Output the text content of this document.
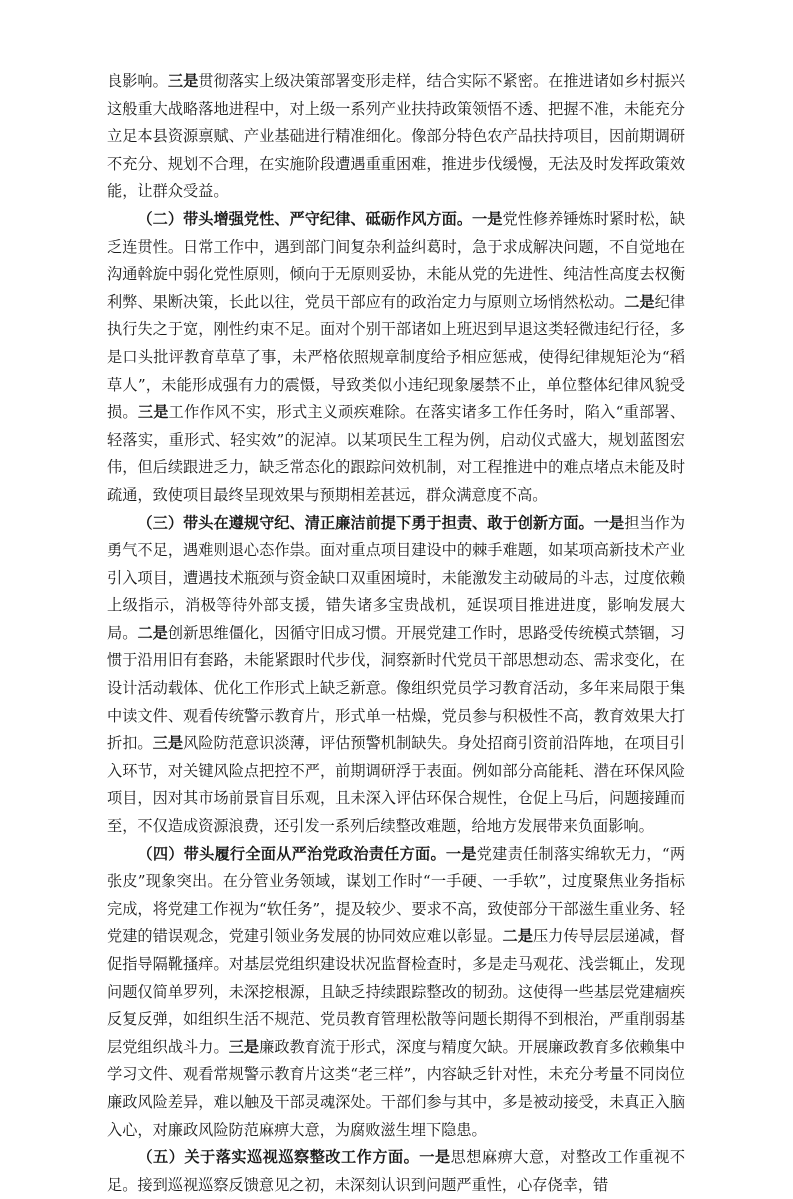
良影响。三是贯彻落实上级决策部署变形走样，结合实际不紧密。在推进诸如乡村振兴这般重大战略落地进程中，对上级一系列产业扶持政策领悟不透、把握不准，未能充分立足本县资源禀赋、产业基础进行精准细化。像部分特色农产品扶持项目，因前期调研不充分、规划不合理，在实施阶段遭遇重重困难，推进步伐缓慢，无法及时发挥政策效能，让群众受益。

（二）带头增强党性、严守纪律、砥砺作风方面。一是党性修养锤炼时紧时松，缺乏连贯性。日常工作中，遇到部门间复杂利益纠葛时，急于求成解决问题，不自觉地在沟通斡旋中弱化党性原则，倾向于无原则妥协，未能从党的先进性、纯洁性高度去权衡利弊、果断决策，长此以往，党员干部应有的政治定力与原则立场悄然松动。二是纪律执行失之于宽，刚性约束不足。面对个别干部诸如上班迟到早退这类轻微违纪行径，多是口头批评教育草草了事，未严格依照规章制度给予相应惩戒，使得纪律规矩沦为“稻草人”，未能形成强有力的震慑，导致类似小违纪现象屡禁不止，单位整体纪律风貌受损。三是工作作风不实，形式主义顽疾难除。在落实诸多工作任务时，陷入“重部署、轻落实，重形式、轻实效”的泥淖。以某项民生工程为例，启动仪式盛大，规划蓝图宏伟，但后续跟进乏力，缺乏常态化的跟踪问效机制，对工程推进中的难点堵点未能及时疏通，致使项目最终呈现效果与预期相差甚远，群众满意度不高。

（三）带头在遵规守纪、清正廉洁前提下勇于担责、敢于创新方面。一是担当作为勇气不足，遇难则退心态作祟。面对重点项目建设中的棘手难题，如某项高新技术产业引入项目，遭遇技术瓶颈与资金缺口双重困境时，未能激发主动破局的斗志，过度依赖上级指示，消极等待外部支援，错失诸多宝贵战机，延误项目推进进度，影响发展大局。二是创新思维僵化，因循守旧成习惯。开展党建工作时，思路受传统模式禁锢，习惯于沿用旧有套路，未能紧跟时代步伐，洞察新时代党员干部思想动态、需求变化，在设计活动载体、优化工作形式上缺乏新意。像组织党员学习教育活动，多年来局限于集中读文件、观看传统警示教育片，形式单一枯燥，党员参与积极性不高，教育效果大打折扣。三是风险防范意识淡薄，评估预警机制缺失。身处招商引资前沿阵地，在项目引入环节，对关键风险点把控不严，前期调研浮于表面。例如部分高能耗、潜在环保风险项目，因对其市场前景盲目乐观，且未深入评估环保合规性，仓促上马后，问题接踵而至，不仅造成资源浪费，还引发一系列后续整改难题，给地方发展带来负面影响。

（四）带头履行全面从严治党政治责任方面。一是党建责任制落实绵软无力，“两张皮”现象突出。在分管业务领域，谋划工作时“一手硬、一手软”，过度聚焦业务指标完成，将党建工作视为“软任务”，提及较少、要求不高，致使部分干部滋生重业务、轻党建的错误观念，党建引领业务发展的协同效应难以彰显。二是压力传导层层递减，督促指导隔靴搔痒。对基层党组织建设状况监督检查时，多是走马观花、浅尝辄止，发现问题仅简单罗列，未深挖根源，且缺乏持续跟踪整改的韧劲。这使得一些基层党建痼疾反复反弹，如组织生活不规范、党员教育管理松散等问题长期得不到根治，严重削弱基层党组织战斗力。三是廉政教育流于形式，深度与精度欠缺。开展廉政教育多依赖集中学习文件、观看常规警示教育片这类“老三样”，内容缺乏针对性，未充分考量不同岗位廉政风险差异，难以触及干部灵魂深处。干部们参与其中，多是被动接受，未真正入脑入心，对廉政风险防范麻痹大意，为腐败滋生埋下隐患。

（五）关于落实巡视巡察整改工作方面。一是思想麻痹大意，对整改工作重视不足。接到巡视巡察反馈意见之初，未深刻认识到问题严重性，心存侥幸，错
